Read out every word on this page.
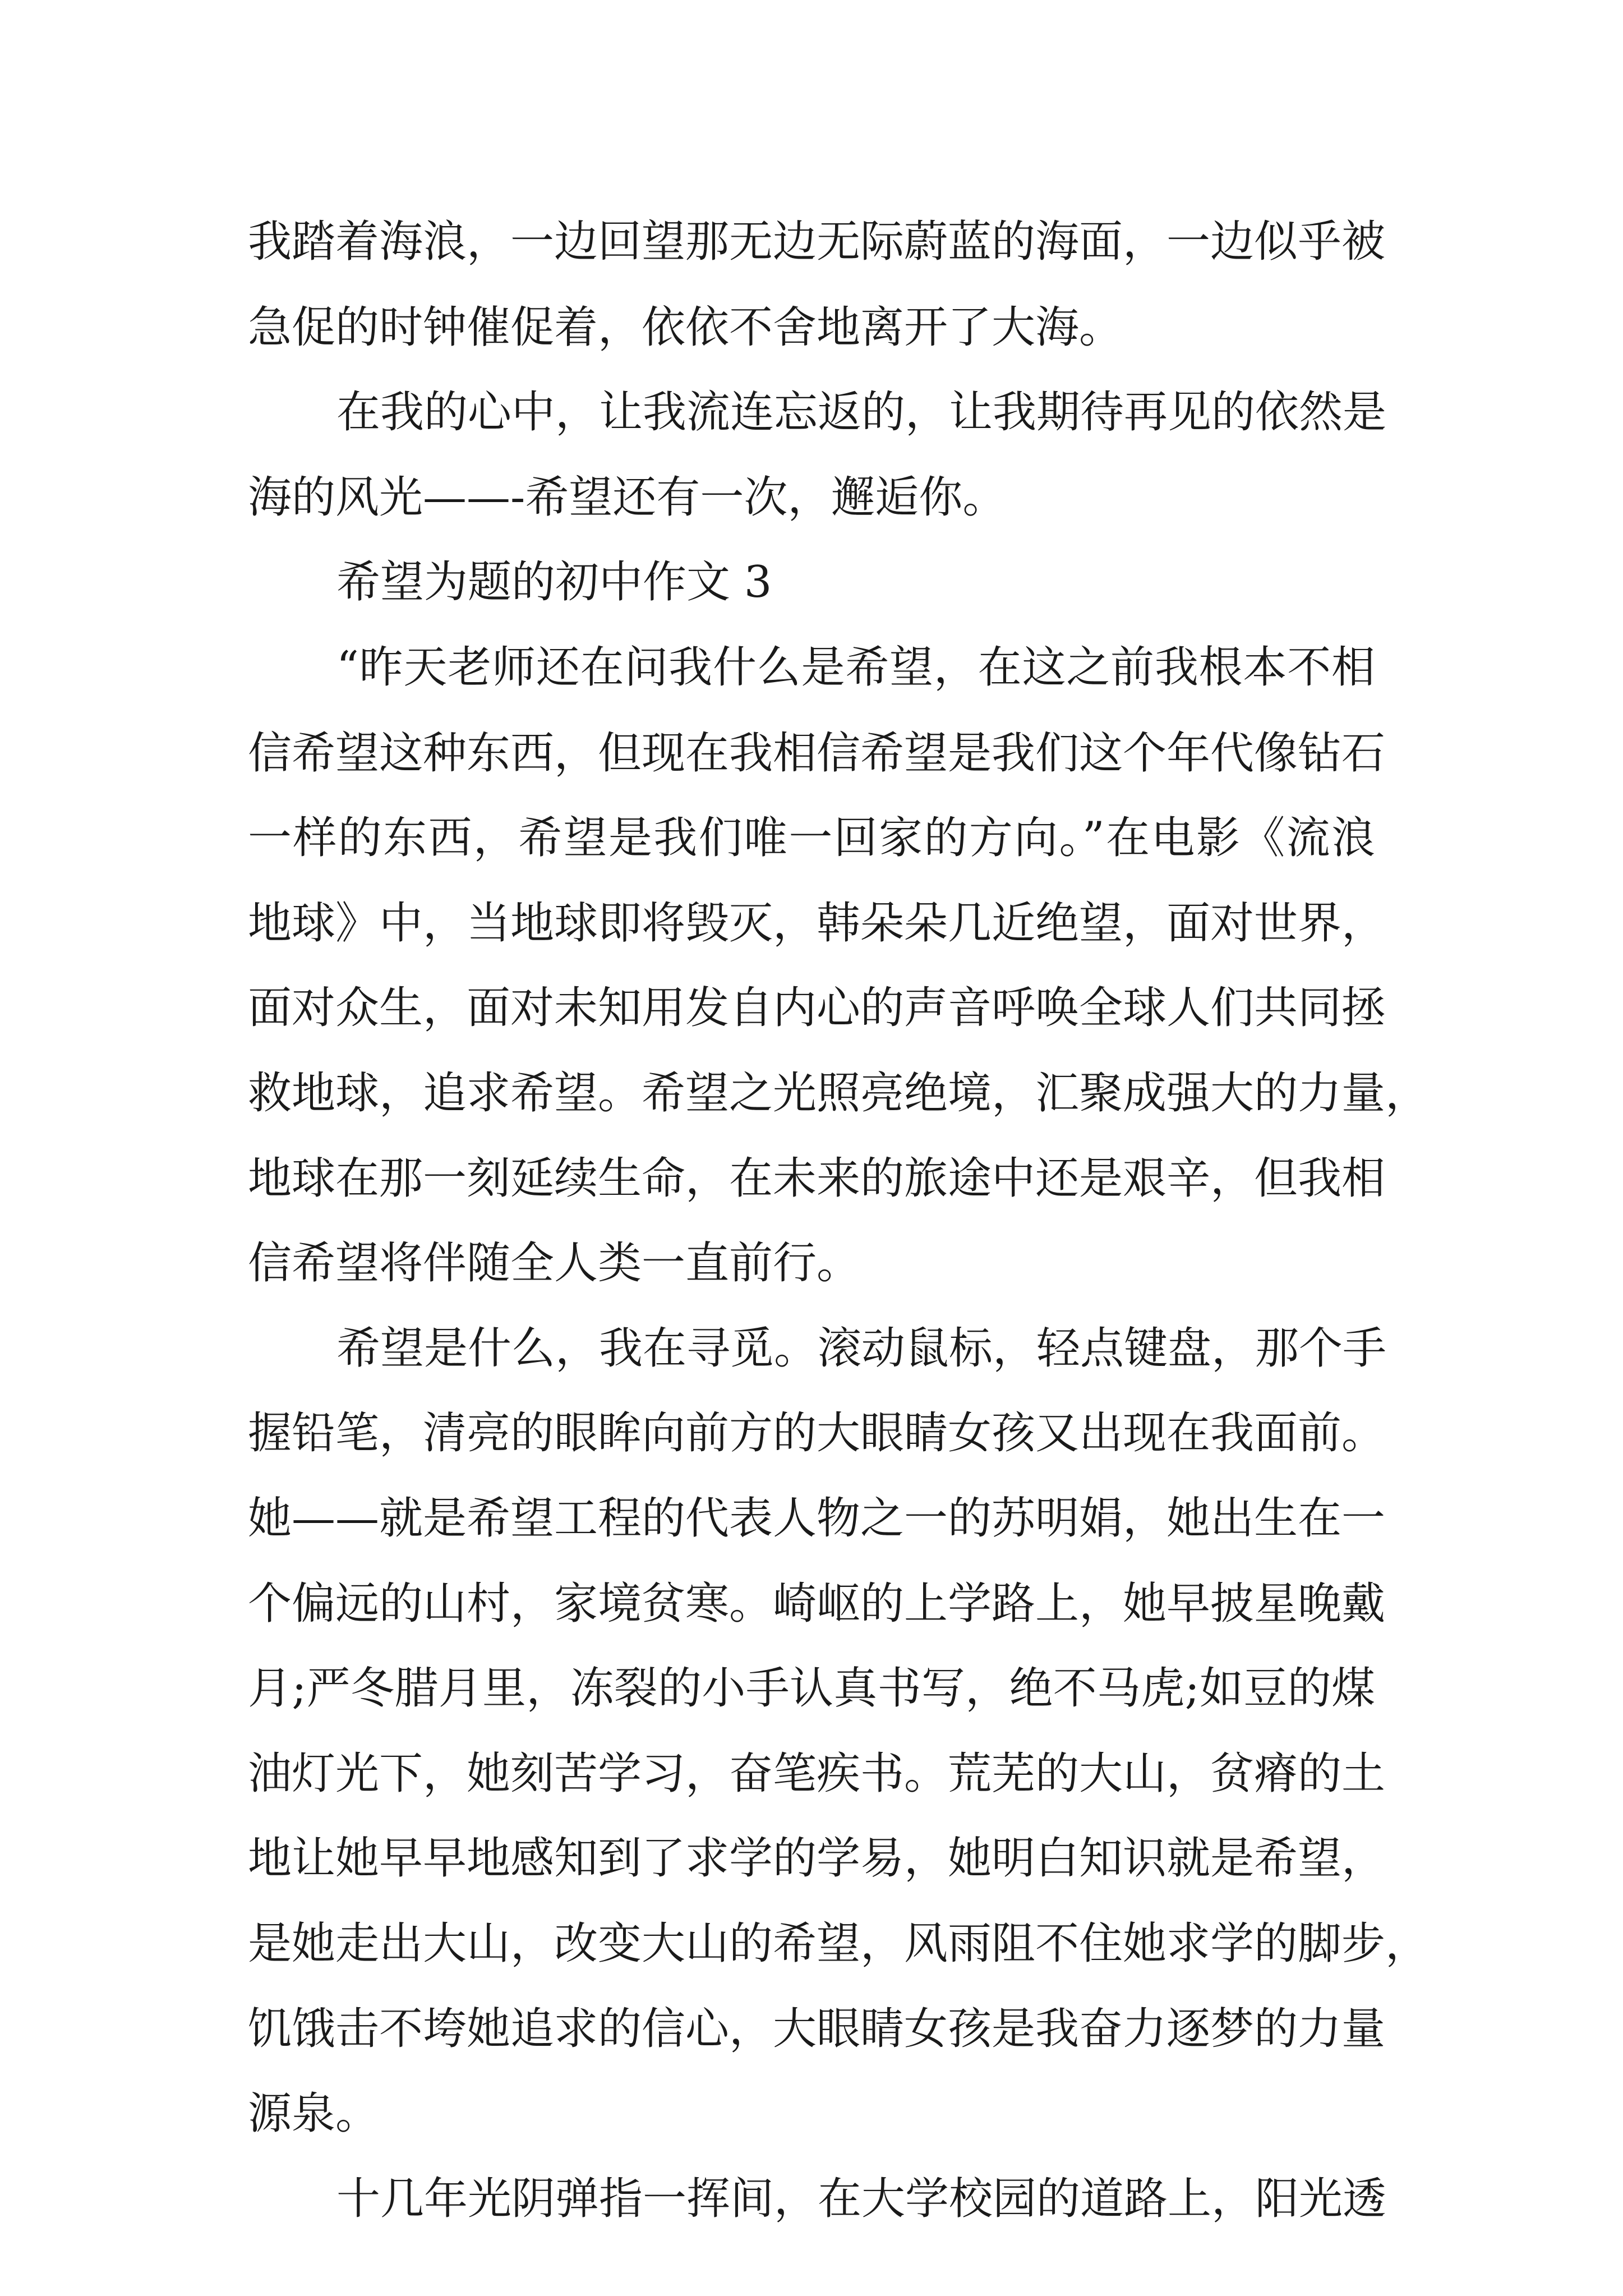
我踏着海浪，一边回望那无边无际蔚蓝的海面，一边似乎被
急促的时钟催促着，依依不舍地离开了大海。
在我的心中，让我流连忘返的，让我期待再见的依然是
海的风光——-希望还有一次，邂逅你。
希望为题的初中作文 3
“昨天老师还在问我什么是希望，在这之前我根本不相
信希望这种东西，但现在我相信希望是我们这个年代像钻石
一样的东西，希望是我们唯一回家的方向。”在电影《流浪
地球》中，当地球即将毁灭，韩朵朵几近绝望，面对世界，
面对众生，面对未知用发自内心的声音呼唤全球人们共同拯
救地球，追求希望。希望之光照亮绝境，汇聚成强大的力量，
地球在那一刻延续生命，在未来的旅途中还是艰辛，但我相
信希望将伴随全人类一直前行。
希望是什么，我在寻觅。滚动鼠标，轻点键盘，那个手
握铅笔，清亮的眼眸向前方的大眼睛女孩又出现在我面前。
她——就是希望工程的代表人物之一的苏明娟，她出生在一
个偏远的山村，家境贫寒。崎岖的上学路上，她早披星晚戴
月;严冬腊月里，冻裂的小手认真书写，绝不马虎;如豆的煤
油灯光下，她刻苦学习，奋笔疾书。荒芜的大山，贫瘠的土
地让她早早地感知到了求学的学易，她明白知识就是希望，
是她走出大山，改变大山的希望，风雨阻不住她求学的脚步，
饥饿击不垮她追求的信心，大眼睛女孩是我奋力逐梦的力量
源泉。
十几年光阴弹指一挥间，在大学校园的道路上，阳光透
